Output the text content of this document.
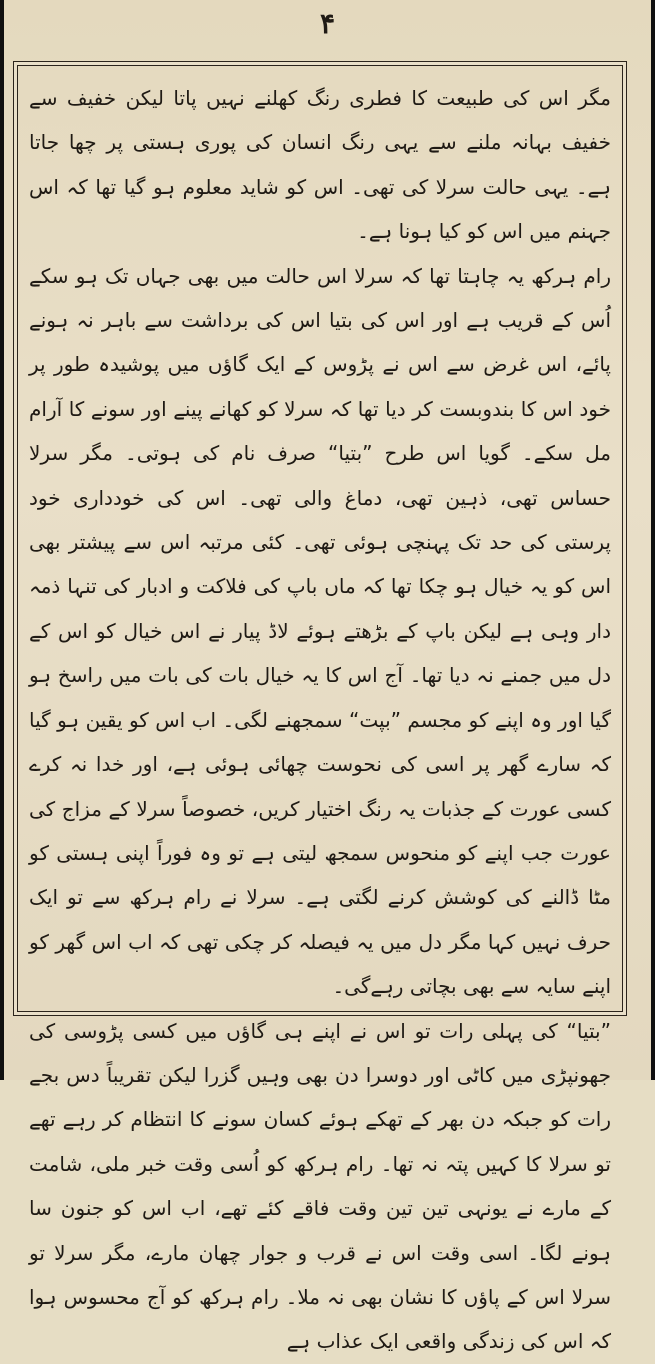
۴

مگر اس کی طبیعت کا فطری رنگ کھلنے نہیں پاتا لیکن خفیف سے خفیف بہانہ ملنے سے یہی رنگ انسان کی پوری ہستی پر چھا جاتا ہے۔ یہی حالت سرلا کی تھی۔ اس کو شاید معلوم ہو گیا تھا کہ اس جہنم میں اس کو کیا ہونا ہے۔

رام ہرکھ یہ چاہتا تھا کہ سرلا اس حالت میں بھی جہاں تک ہو سکے اُس کے قریب ہے اور اس کی بتیا اس کی برداشت سے باہر نہ ہونے پائے، اس غرض سے اس نے پڑوس کے ایک گاؤں میں پوشیدہ طور پر خود اس کا بندوبست کر دیا تھا کہ سرلا کو کھانے پینے اور سونے کا آرام مل سکے۔ گویا اس طرح ”بتیا“ صرف نام کی ہوتی۔ مگر سرلا حساس تھی، ذہین تھی، دماغ والی تھی۔ اس کی خودداری خود پرستی کی حد تک پہنچی ہوئی تھی۔ کئی مرتبہ اس سے پیشتر بھی اس کو یہ خیال ہو چکا تھا کہ ماں باپ کی فلاکت و ادبار کی تنہا ذمہ دار وہی ہے لیکن باپ کے بڑھتے ہوئے لاڈ پیار نے اس خیال کو اس کے دل میں جمنے نہ دیا تھا۔ آج اس کا یہ خیال بات کی بات میں راسخ ہو گیا اور وہ اپنے کو مجسم ”بپت“ سمجھنے لگی۔ اب اس کو یقین ہو گیا کہ سارے گھر پر اسی کی نحوست چھائی ہوئی ہے، اور خدا نہ کرے کسی عورت کے جذبات یہ رنگ اختیار کریں، خصوصاً سرلا کے مزاج کی عورت جب اپنے کو منحوس سمجھ لیتی ہے تو وہ فوراً اپنی ہستی کو مٹا ڈالنے کی کوشش کرنے لگتی ہے۔ سرلا نے رام ہرکھ سے تو ایک حرف نہیں کہا مگر دل میں یہ فیصلہ کر چکی تھی کہ اب اس گھر کو اپنے سایہ سے بھی بچاتی رہےگی۔

”بتیا“ کی پہلی رات تو اس نے اپنے ہی گاؤں میں کسی پڑوسی کی جھونپڑی میں کاٹی اور دوسرا دن بھی وہیں گزرا لیکن تقریباً دس بجے رات کو جبکہ دن بھر کے تھکے ہوئے کسان سونے کا انتظام کر رہے تھے تو سرلا کا کہیں پتہ نہ تھا۔ رام ہرکھ کو اُسی وقت خبر ملی، شامت کے مارے نے یونہی تین تین وقت فاقے کئے تھے، اب اس کو جنون سا ہونے لگا۔ اسی وقت اس نے قرب و جوار چھان مارے، مگر سرلا تو سرلا اس کے پاؤں کا نشان بھی نہ ملا۔ رام ہرکھ کو آج محسوس ہوا کہ اس کی زندگی واقعی ایک عذاب ہے
